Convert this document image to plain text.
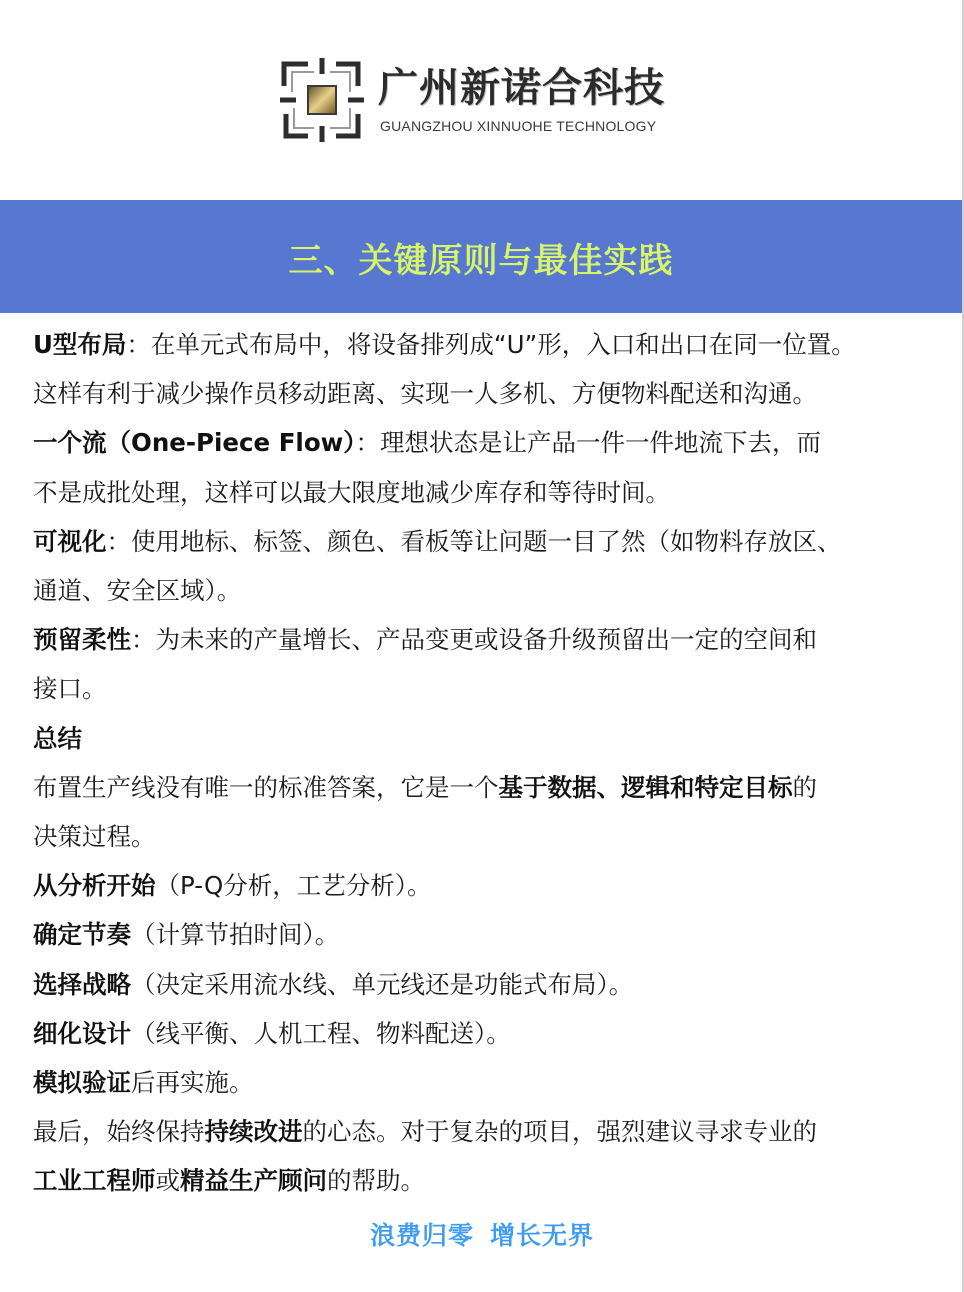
广州新诺合科技
GUANGZHOU XINNUOHE TECHNOLOGY
三、关键原则与最佳实践

U型布局：在单元式布局中，将设备排列成“U”形，入口和出口在同一位置。

这样有利于减少操作员移动距离、实现一人多机、方便物料配送和沟通。

一个流（One-Piece Flow）：理想状态是让产品一件一件地流下去，而

不是成批处理，这样可以最大限度地减少库存和等待时间。

可视化：使用地标、标签、颜色、看板等让问题一目了然（如物料存放区、

通道、安全区域）。

预留柔性：为未来的产量增长、产品变更或设备升级预留出一定的空间和

接口。

总结

布置生产线没有唯一的标准答案，它是一个基于数据、逻辑和特定目标的

决策过程。

从分析开始（P-Q分析，工艺分析）。

确定节奏（计算节拍时间）。

选择战略（决定采用流水线、单元线还是功能式布局）。

细化设计（线平衡、人机工程、物料配送）。

模拟验证后再实施。

最后，始终保持持续改进的心态。对于复杂的项目，强烈建议寻求专业的

工业工程师或精益生产顾问的帮助。

浪费归零 增长无界
